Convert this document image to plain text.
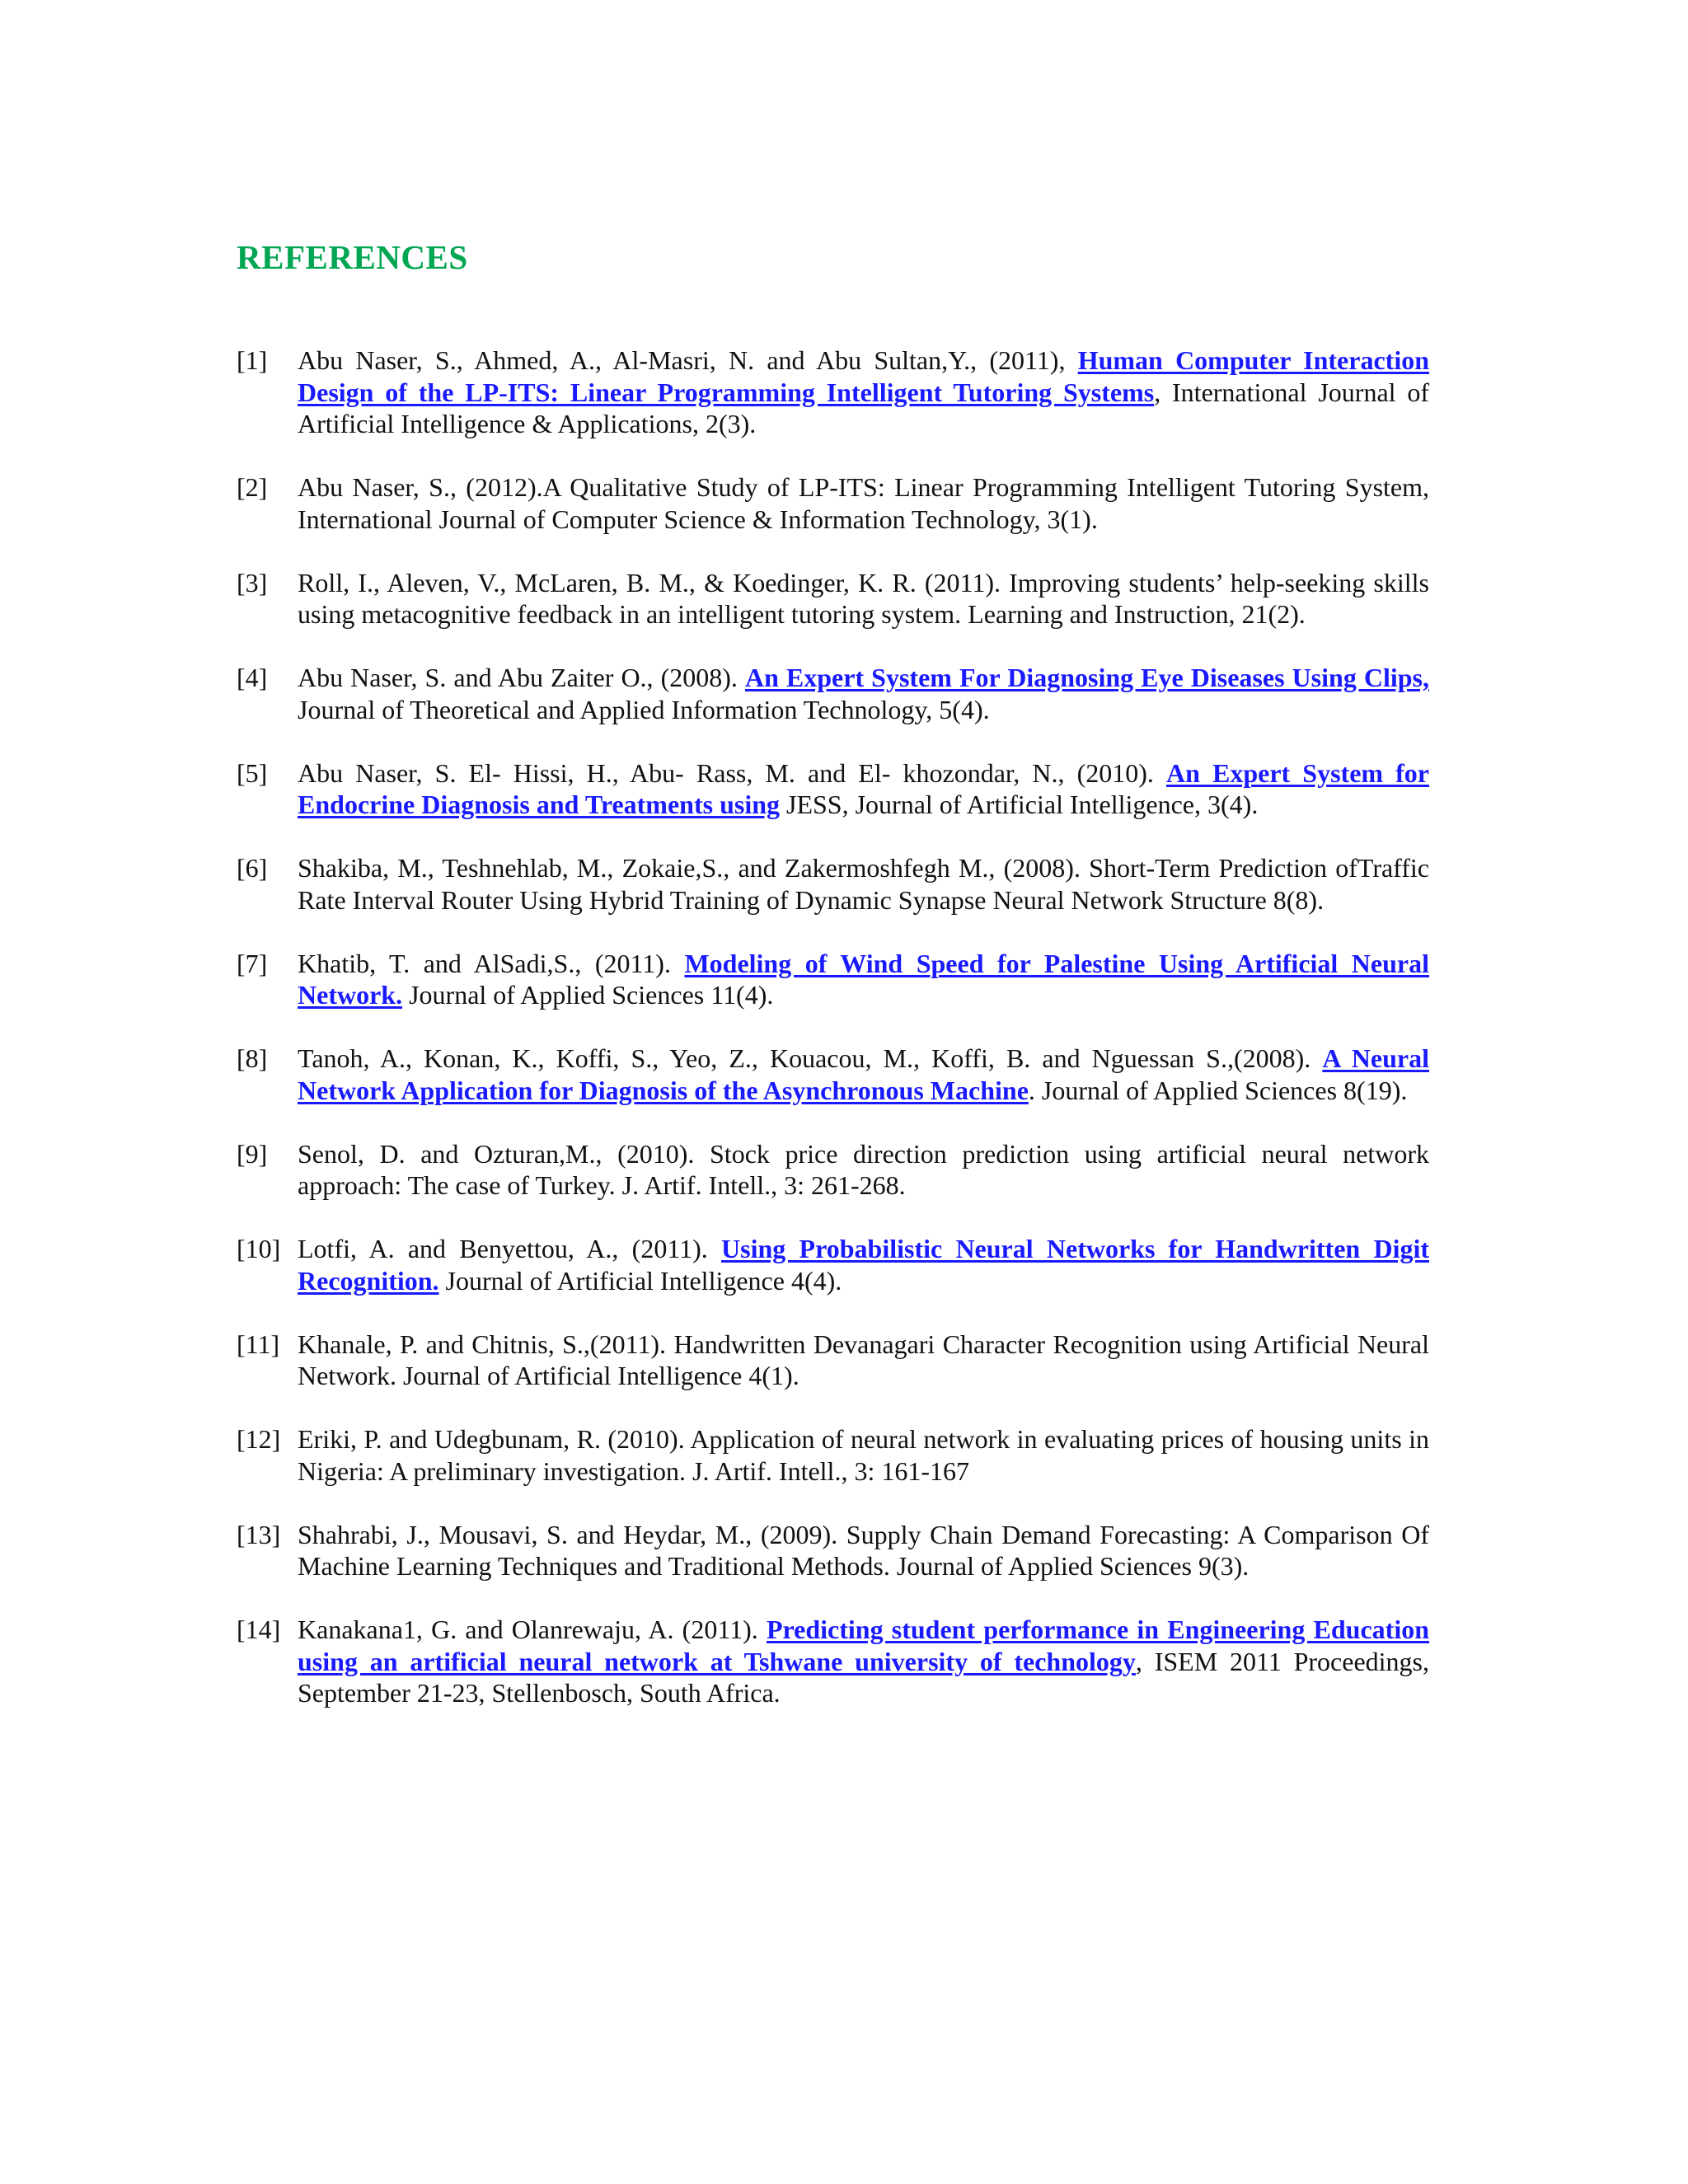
REFERENCES
[1] Abu Naser, S., Ahmed, A., Al-Masri, N. and Abu Sultan,Y., (2011), Human Computer Interaction Design of the LP-ITS: Linear Programming Intelligent Tutoring Systems, International Journal of Artificial Intelligence & Applications, 2(3).
[2] Abu Naser, S., (2012).A Qualitative Study of LP-ITS: Linear Programming Intelligent Tutoring System, International Journal of Computer Science & Information Technology, 3(1).
[3] Roll, I., Aleven, V., McLaren, B. M., & Koedinger, K. R. (2011). Improving students’ help-seeking skills using metacognitive feedback in an intelligent tutoring system. Learning and Instruction, 21(2).
[4] Abu Naser, S. and Abu Zaiter O., (2008). An Expert System For Diagnosing Eye Diseases Using Clips, Journal of Theoretical and Applied Information Technology, 5(4).
[5] Abu Naser, S. El- Hissi, H., Abu- Rass, M. and El- khozondar, N., (2010). An Expert System for Endocrine Diagnosis and Treatments using JESS, Journal of Artificial Intelligence, 3(4).
[6] Shakiba, M., Teshnehlab, M., Zokaie,S., and Zakermoshfegh M., (2008). Short-Term Prediction ofTraffic Rate Interval Router Using Hybrid Training of Dynamic Synapse Neural Network Structure 8(8).
[7] Khatib, T. and AlSadi,S., (2011). Modeling of Wind Speed for Palestine Using Artificial Neural Network. Journal of Applied Sciences 11(4).
[8] Tanoh, A., Konan, K., Koffi, S., Yeo, Z., Kouacou, M., Koffi, B. and Nguessan S.,(2008). A Neural Network Application for Diagnosis of the Asynchronous Machine. Journal of Applied Sciences 8(19).
[9] Senol, D. and Ozturan,M., (2010). Stock price direction prediction using artificial neural network approach: The case of Turkey. J. Artif. Intell., 3: 261-268.
[10] Lotfi, A. and Benyettou, A., (2011). Using Probabilistic Neural Networks for Handwritten Digit Recognition. Journal of Artificial Intelligence 4(4).
[11] Khanale, P. and Chitnis, S.,(2011). Handwritten Devanagari Character Recognition using Artificial Neural Network. Journal of Artificial Intelligence 4(1).
[12] Eriki, P. and Udegbunam, R. (2010). Application of neural network in evaluating prices of housing units in Nigeria: A preliminary investigation. J. Artif. Intell., 3: 161-167
[13] Shahrabi, J., Mousavi, S. and Heydar, M., (2009). Supply Chain Demand Forecasting: A Comparison Of Machine Learning Techniques and Traditional Methods. Journal of Applied Sciences 9(3).
[14] Kanakana1, G. and Olanrewaju, A. (2011). Predicting student performance in Engineering Education using an artificial neural network at Tshwane university of technology, ISEM 2011 Proceedings, September 21-23, Stellenbosch, South Africa.
